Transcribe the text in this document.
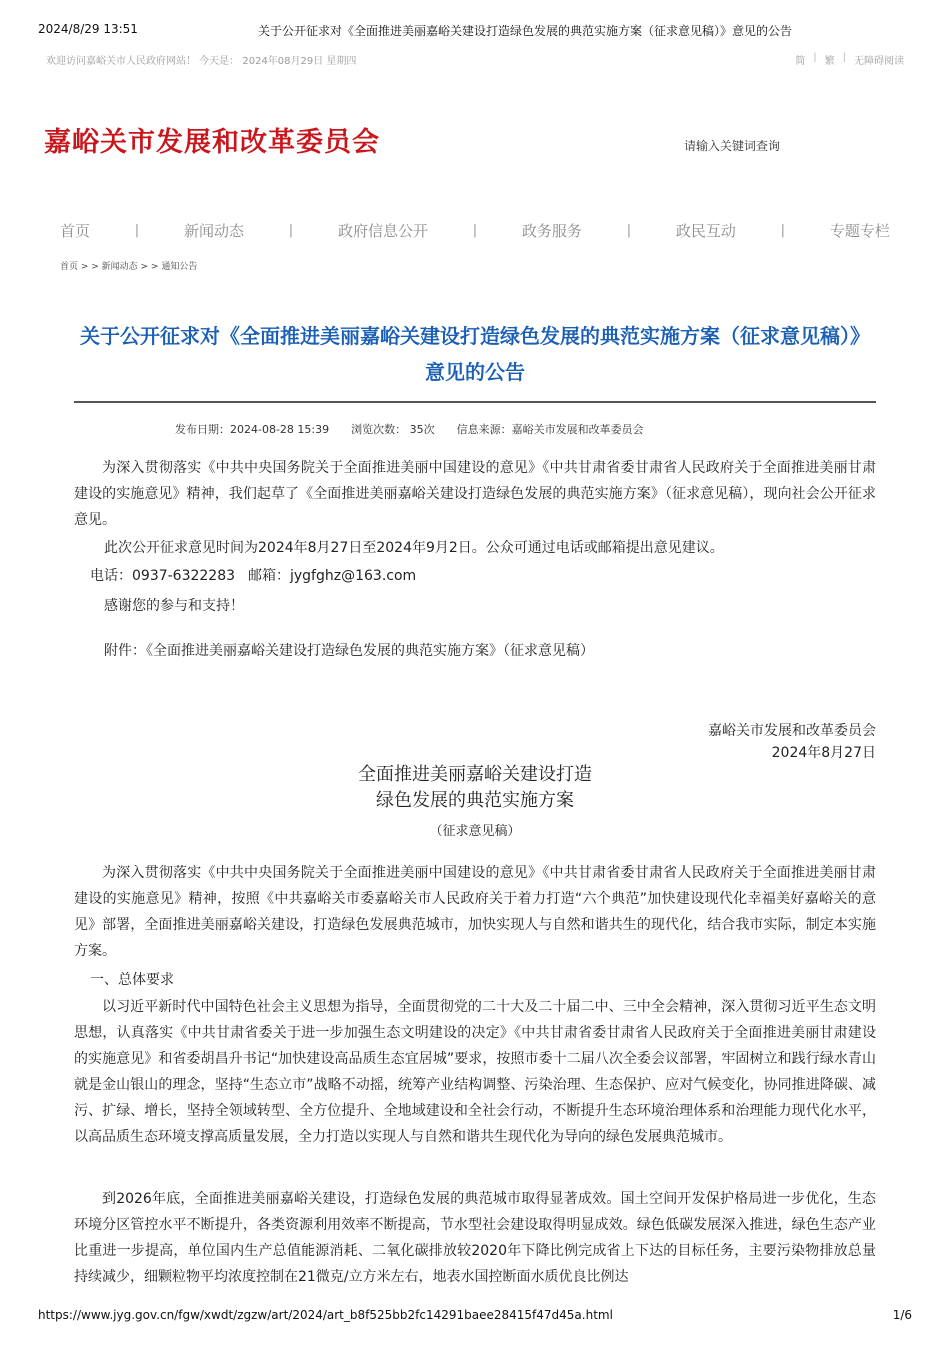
2024/8/29 13:51	关于公开征求对《全面推进美丽嘉峪关建设打造绿色发展的典范实施方案（征求意见稿）》意见的公告
欢迎访问嘉峪关市人民政府网站！ 今天是： 2024年08月29日 星期四	简 | 繁 | 无障碍阅读
嘉峪关市发展和改革委员会	请输入关键词查询
首页	|	新闻动态	|	政府信息公开	|	政务服务	|	政民互动	|	专题专栏
首页 > > 新闻动态 > > 通知公告
关于公开征求对《全面推进美丽嘉峪关建设打造绿色发展的典范实施方案（征求意见稿）》意见的公告
发布日期：2024-08-28 15:39 浏览次数： 35次 信息来源：嘉峪关市发展和改革委员会
为深入贯彻落实《中共中央国务院关于全面推进美丽中国建设的意见》《中共甘肃省委甘肃省人民政府关于全面推进美丽甘肃建设的实施意见》精神，我们起草了《全面推进美丽嘉峪关建设打造绿色发展的典范实施方案》（征求意见稿），现向社会公开征求意见。
此次公开征求意见时间为2024年8月27日至2024年9月2日。公众可通过电话或邮箱提出意见建议。
电话：0937-6322283 邮箱：jygfghz@163.com
感谢您的参与和支持！
附件：《全面推进美丽嘉峪关建设打造绿色发展的典范实施方案》（征求意见稿）
嘉峪关市发展和改革委员会
2024年8月27日
全面推进美丽嘉峪关建设打造
绿色发展的典范实施方案
（征求意见稿）
为深入贯彻落实《中共中央国务院关于全面推进美丽中国建设的意见》《中共甘肃省委甘肃省人民政府关于全面推进美丽甘肃建设的实施意见》精神，按照《中共嘉峪关市委嘉峪关市人民政府关于着力打造“六个典范”加快建设现代化幸福美好嘉峪关的意见》部署，全面推进美丽嘉峪关建设，打造绿色发展典范城市，加快实现人与自然和谐共生的现代化，结合我市实际，制定本实施方案。
一、总体要求
以习近平新时代中国特色社会主义思想为指导，全面贯彻党的二十大及二十届二中、三中全会精神，深入贯彻习近平生态文明思想，认真落实《中共甘肃省委关于进一步加强生态文明建设的决定》《中共甘肃省委甘肃省人民政府关于全面推进美丽甘肃建设的实施意见》和省委胡昌升书记“加快建设高品质生态宜居城”要求，按照市委十二届八次全委会议部署，牢固树立和践行绿水青山就是金山银山的理念，坚持“生态立市”战略不动摇，统筹产业结构调整、污染治理、生态保护、应对气候变化，协同推进降碳、减污、扩绿、增长，坚持全领域转型、全方位提升、全地域建设和全社会行动，不断提升生态环境治理体系和治理能力现代化水平，以高品质生态环境支撑高质量发展，全力打造以实现人与自然和谐共生现代化为导向的绿色发展典范城市。
到2026年底，全面推进美丽嘉峪关建设，打造绿色发展的典范城市取得显著成效。国土空间开发保护格局进一步优化，生态环境分区管控水平不断提升，各类资源利用效率不断提高，节水型社会建设取得明显成效。绿色低碳发展深入推进，绿色生态产业比重进一步提高，单位国内生产总值能源消耗、二氧化碳排放较2020年下降比例完成省上下达的目标任务，主要污染物排放总量持续减少，细颗粒物平均浓度控制在21微克/立方米左右，地表水国控断面水质优良比例达
https://www.jyg.gov.cn/fgw/xwdt/zgzw/art/2024/art_b8f525bb2fc14291baee28415f47d45a.html	1/6
